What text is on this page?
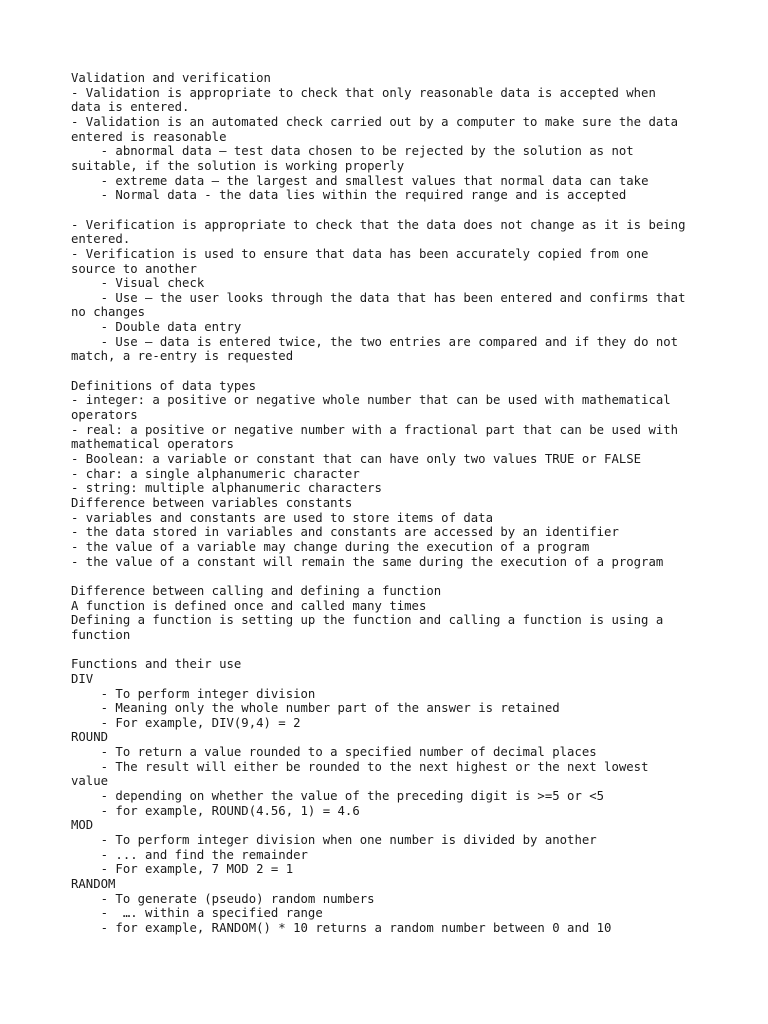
Validation and verification
- Validation is appropriate to check that only reasonable data is accepted when
data is entered.
- Validation is an automated check carried out by a computer to make sure the data
entered is reasonable
- abnormal data – test data chosen to be rejected by the solution as not
suitable, if the solution is working properly
- extreme data – the largest and smallest values that normal data can take
- Normal data - the data lies within the required range and is accepted
- Verification is appropriate to check that the data does not change as it is being
entered.
- Verification is used to ensure that data has been accurately copied from one
source to another
- Visual check
- Use – the user looks through the data that has been entered and confirms that
no changes
- Double data entry
- Use – data is entered twice, the two entries are compared and if they do not
match, a re-entry is requested
Definitions of data types
- integer: a positive or negative whole number that can be used with mathematical
operators
- real: a positive or negative number with a fractional part that can be used with
mathematical operators
- Boolean: a variable or constant that can have only two values TRUE or FALSE
- char: a single alphanumeric character
- string: multiple alphanumeric characters
Difference between variables constants
- variables and constants are used to store items of data
- the data stored in variables and constants are accessed by an identifier
- the value of a variable may change during the execution of a program
- the value of a constant will remain the same during the execution of a program
Difference between calling and defining a function
A function is defined once and called many times
Defining a function is setting up the function and calling a function is using a
function
Functions and their use
DIV
- To perform integer division
- Meaning only the whole number part of the answer is retained
- For example, DIV(9,4) = 2
ROUND
- To return a value rounded to a specified number of decimal places
- The result will either be rounded to the next highest or the next lowest
value
- depending on whether the value of the preceding digit is >=5 or <5
- for example, ROUND(4.56, 1) = 4.6
MOD
- To perform integer division when one number is divided by another
- ... and find the remainder
- For example, 7 MOD 2 = 1
RANDOM
- To generate (pseudo) random numbers
-  …. within a specified range
- for example, RANDOM() * 10 returns a random number between 0 and 10
